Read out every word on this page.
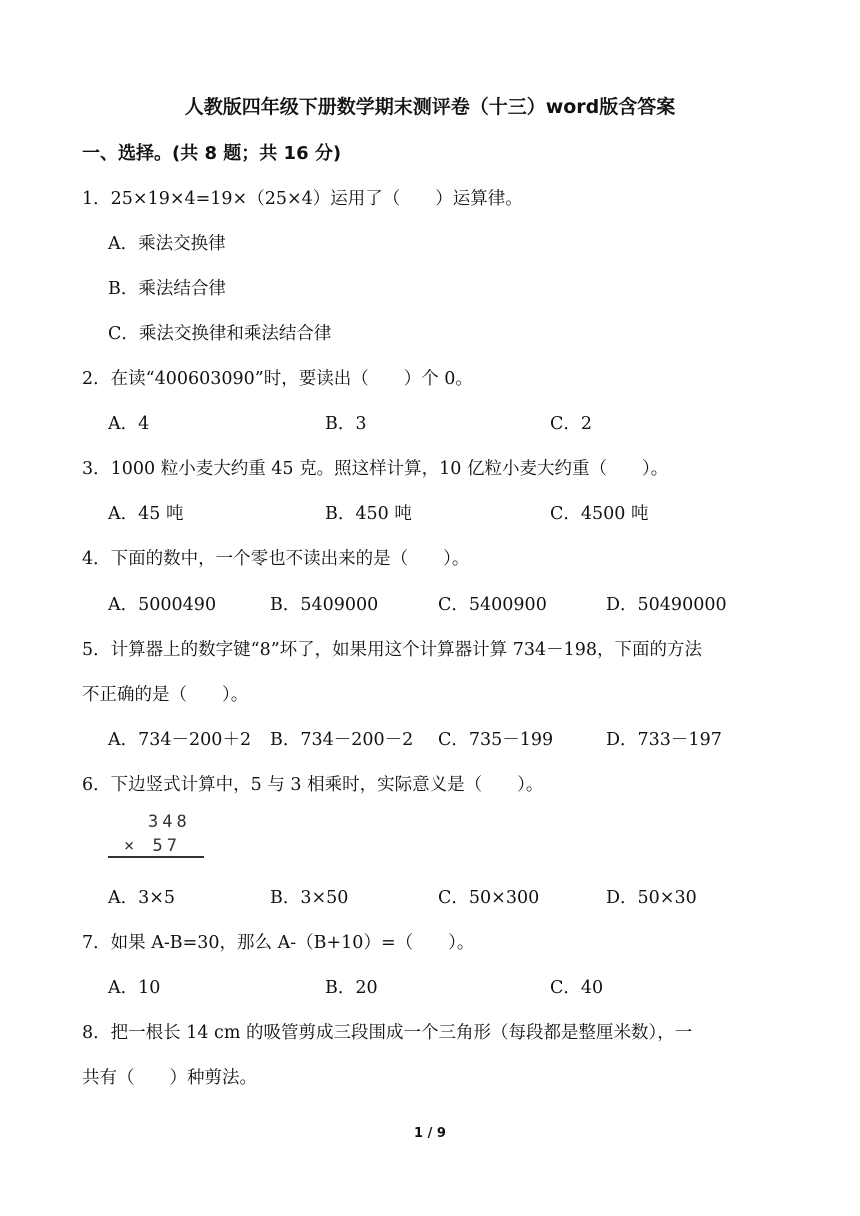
人教版四年级下册数学期末测评卷（十三）word版含答案
一、选择。(共 8 题；共 16 分)
1．25×19×4=19×（25×4）运用了（　　）运算律。
A．乘法交换律
B．乘法结合律
C．乘法交换律和乘法结合律
2．在读“400603090”时，要读出（　　）个 0。
A．4	B．3	C．2
3．1000 粒小麦大约重 45 克。照这样计算，10 亿粒小麦大约重（　　）。
A．45 吨	B．450 吨	C．4500 吨
4．下面的数中，一个零也不读出来的是（　　）。
A．5000490	B．5409000	C．5400900	D．50490000
5．计算器上的数字键“8”坏了，如果用这个计算器计算 734－198，下面的方法
不正确的是（　　）。
A．734－200＋2 B．734－200－2 C．735－199	D．733－197
6．下边竖式计算中，5 与 3 相乘时，实际意义是（　　）。
348
× 57
A．3×5	B．3×50	C．50×300	D．50×30
7．如果 A-B=30，那么 A-（B+10）=（　　）。
A．10	B．20	C．40
8．把一根长 14 cm 的吸管剪成三段围成一个三角形（每段都是整厘米数），一
共有（　　）种剪法。
1 / 9
